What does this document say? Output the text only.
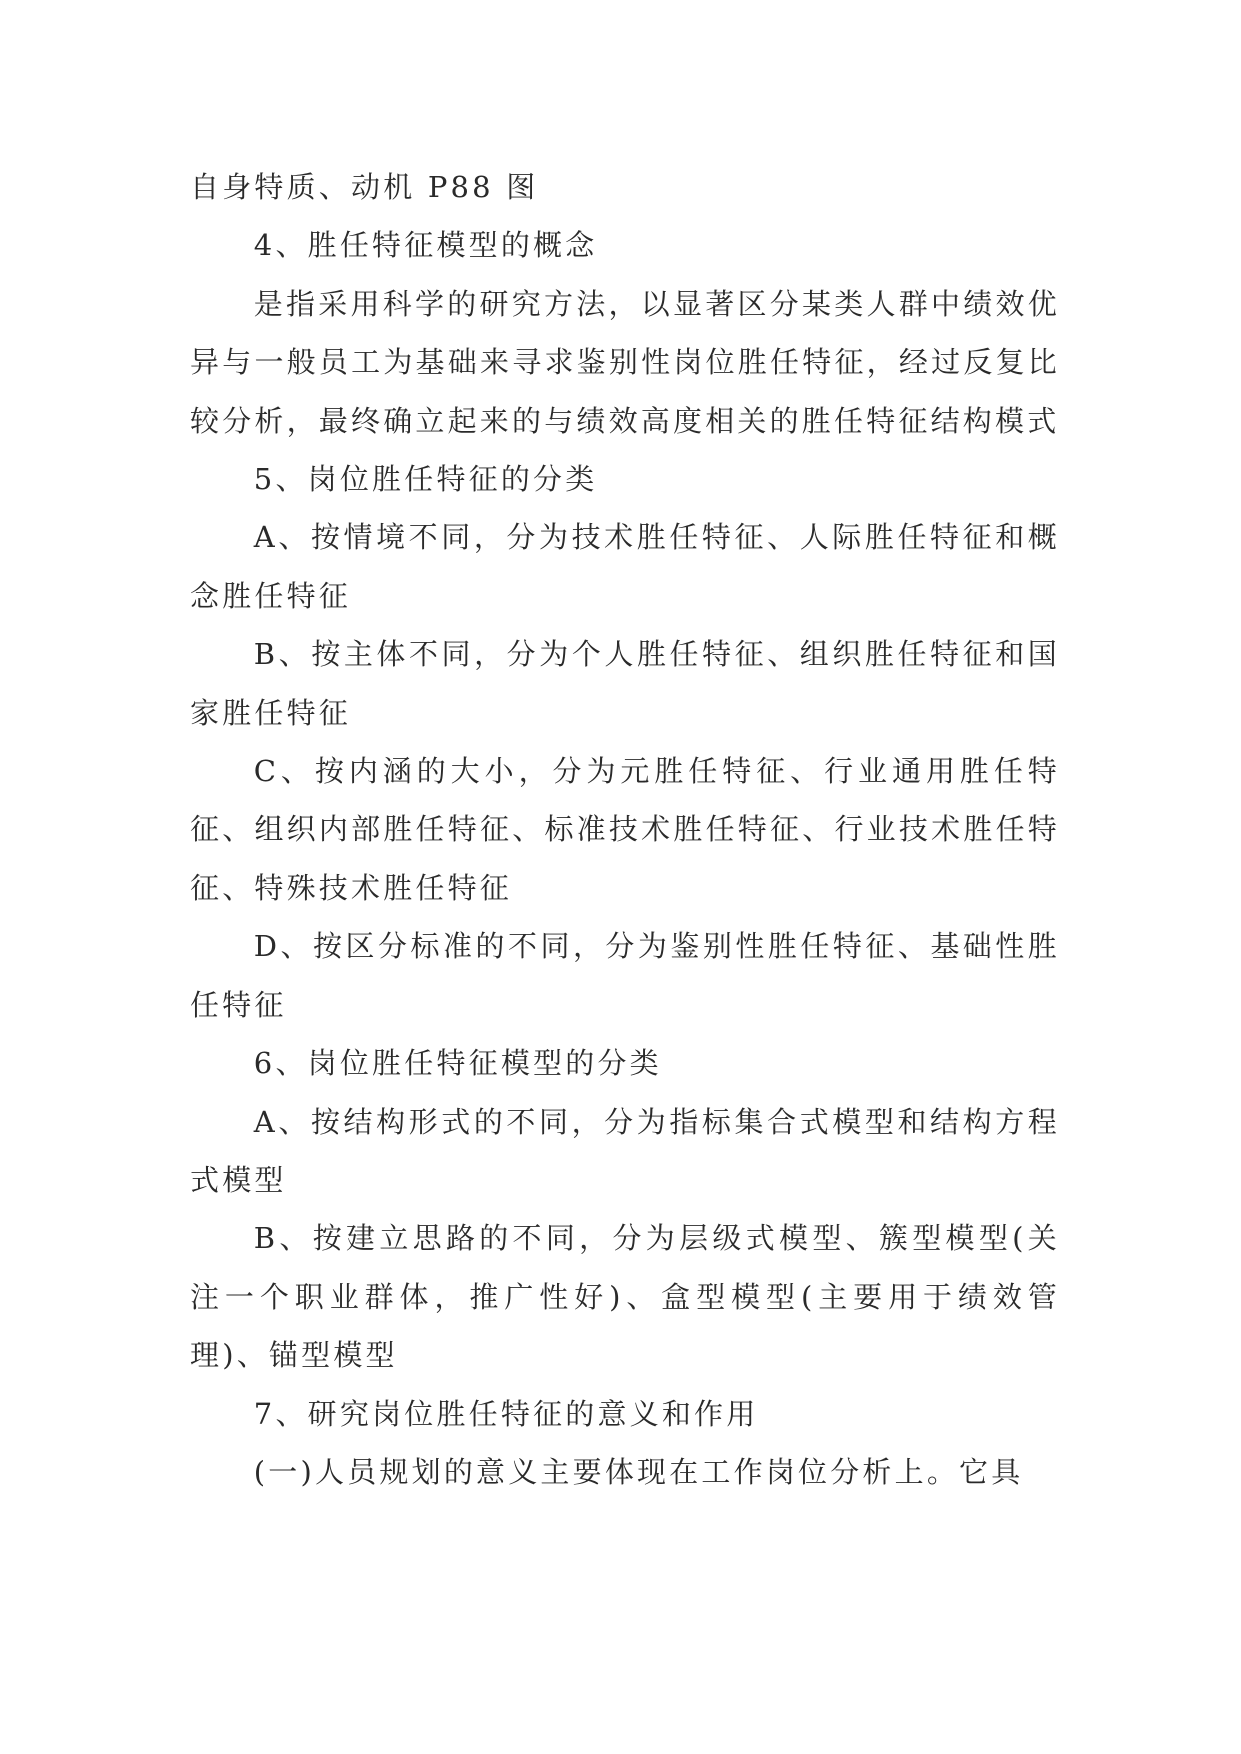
自身特质、动机 P88 图

4、胜任特征模型的概念

是指采用科学的研究方法，以显著区分某类人群中绩效优异与一般员工为基础来寻求鉴别性岗位胜任特征，经过反复比较分析，最终确立起来的与绩效高度相关的胜任特征结构模式

5、岗位胜任特征的分类

A、按情境不同，分为技术胜任特征、人际胜任特征和概念胜任特征

B、按主体不同，分为个人胜任特征、组织胜任特征和国家胜任特征

C、按内涵的大小，分为元胜任特征、行业通用胜任特征、组织内部胜任特征、标准技术胜任特征、行业技术胜任特征、特殊技术胜任特征

D、按区分标准的不同，分为鉴别性胜任特征、基础性胜任特征

6、岗位胜任特征模型的分类

A、按结构形式的不同，分为指标集合式模型和结构方程式模型

B、按建立思路的不同，分为层级式模型、簇型模型(关注一个职业群体，推广性好)、盒型模型(主要用于绩效管理)、锚型模型

7、研究岗位胜任特征的意义和作用

(一)人员规划的意义主要体现在工作岗位分析上。它具
